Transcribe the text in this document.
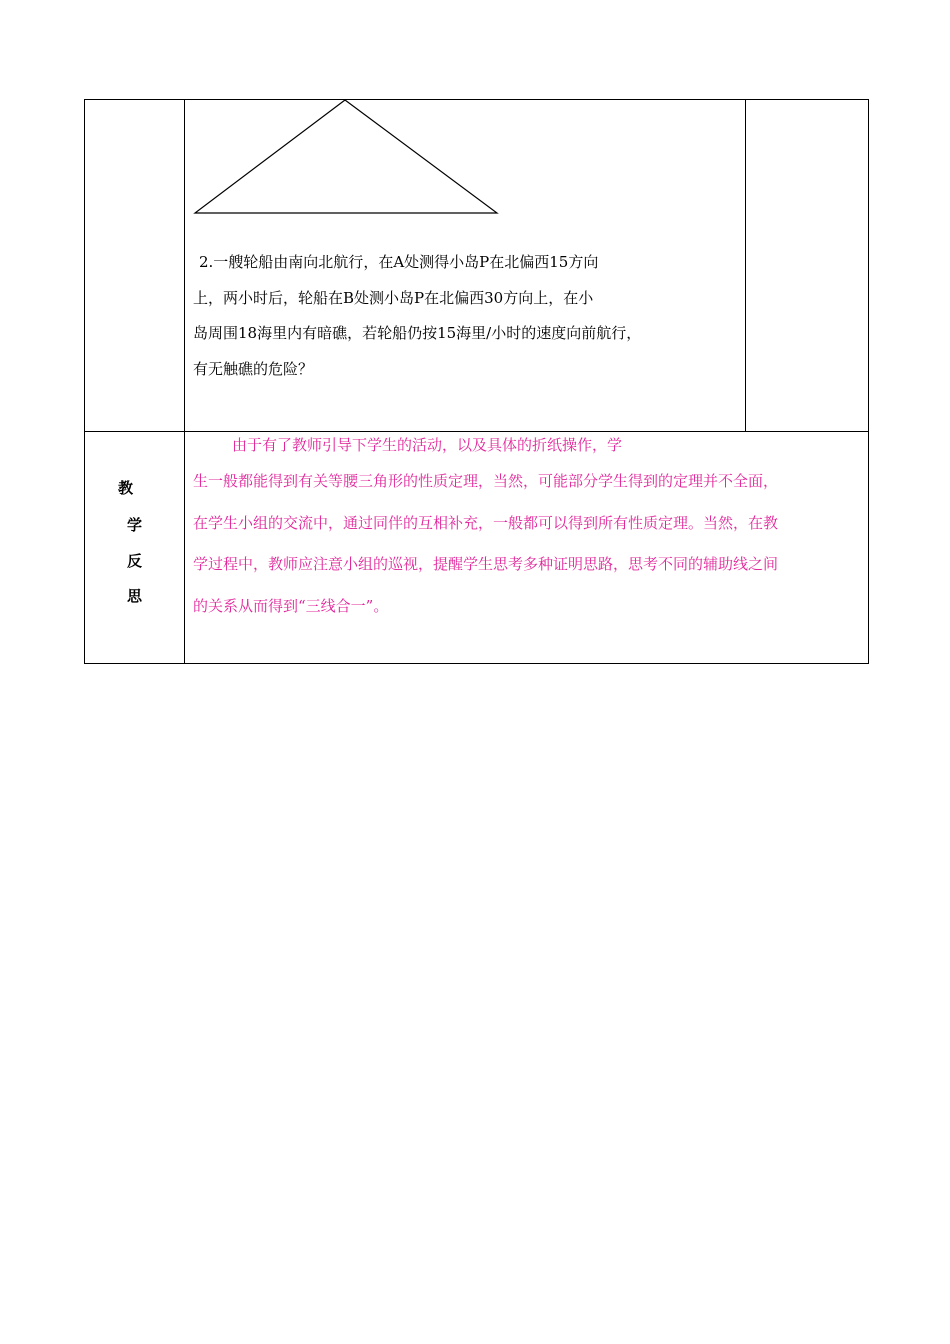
2.一艘轮船由南向北航行，在A处测得小岛P在北偏西15方向
上，两小时后，轮船在B处测小岛P在北偏西30方向上，在小
岛周围18海里内有暗礁，若轮船仍按15海里/小时的速度向前航行，
有无触礁的危险？
教
学
反
思
由于有了教师引导下学生的活动，以及具体的折纸操作，学
生一般都能得到有关等腰三角形的性质定理，当然，可能部分学生得到的定理并不全面，
在学生小组的交流中，通过同伴的互相补充，一般都可以得到所有性质定理。当然，在教
学过程中，教师应注意小组的巡视，提醒学生思考多种证明思路，思考不同的辅助线之间
的关系从而得到“三线合一”。
